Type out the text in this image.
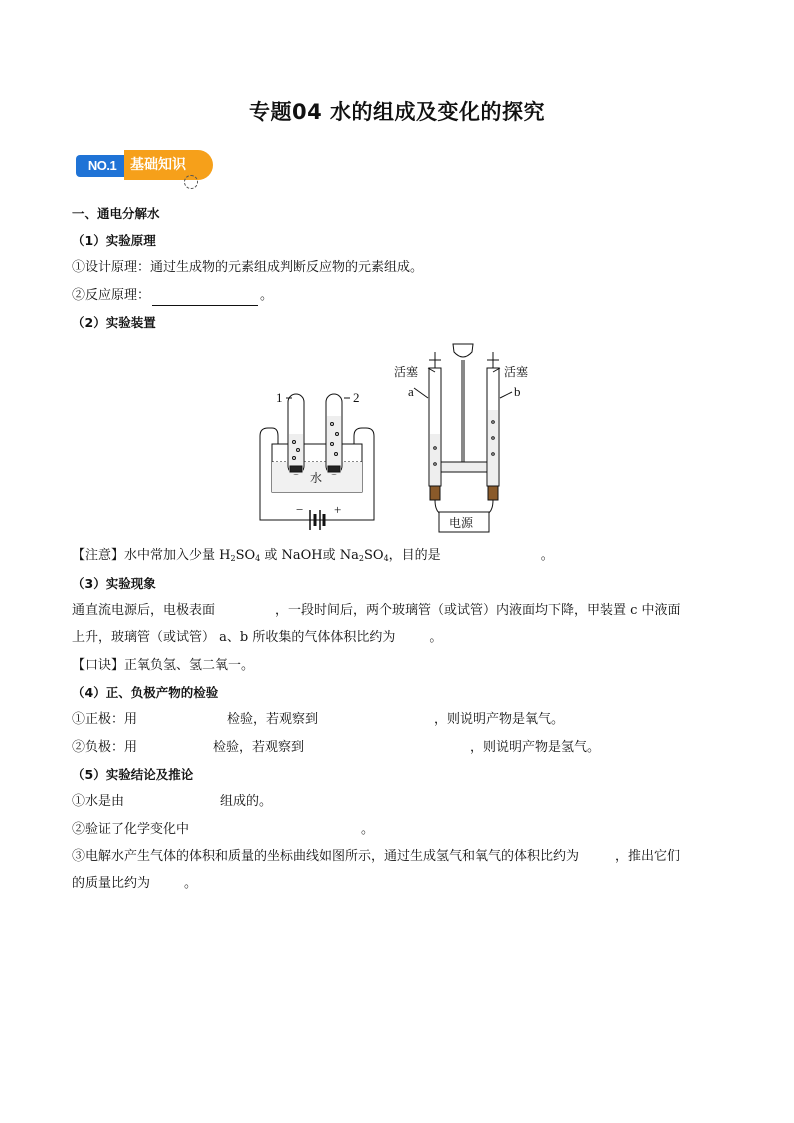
专题04 水的组成及变化的探究
NO.1 基础知识
一、通电分解水
（1）实验原理
①设计原理：通过生成物的元素组成判断反应物的元素组成。
②反应原理：	。
（2）实验装置
1	2
水
− +
活塞	活塞
a	b
电源
【注意】水中常加入少量 $H_2SO_4$ 或 NaOH或 $Na_2SO_4$，目的是	。
（3）实验现象
通直流电源后，电极表面	，一段时间后，两个玻璃管（或试管）内液面均下降，甲装置 c 中液面
上升，玻璃管（或试管） a、b 所收集的气体体积比约为	。
【口诀】正氧负氢、氢二氧一。
（4）正、负极产物的检验
①正极：用	检验，若观察到	，则说明产物是氧气。
②负极：用	检验，若观察到	，则说明产物是氢气。
（5）实验结论及推论
①水是由	组成的。
②验证了化学变化中	。
③电解水产生气体的体积和质量的坐标曲线如图所示，通过生成氢气和氧气的体积比约为	，推出它们
的质量比约为	。
